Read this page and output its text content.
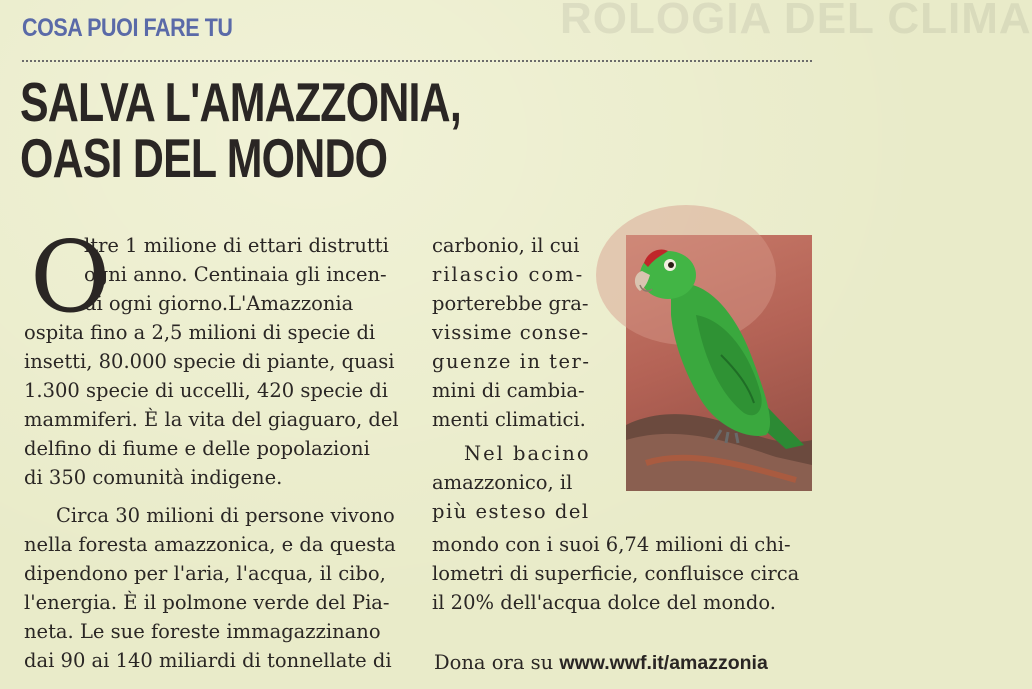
ROLOGIA DEL CLIMA
COSA PUOI FARE TU
SALVA L'AMAZZONIA,
OASI DEL MONDO
O
ltre 1 milione di ettari distrutti
ogni anno. Centinaia gli incen-
di ogni giorno.L'Amazzonia
ospita fino a 2,5 milioni di specie di
insetti, 80.000 specie di piante, quasi
1.300 specie di uccelli, 420 specie di
mammiferi. È la vita del giaguaro, del
delfino di fiume e delle popolazioni
di 350 comunità indigene.
Circa 30 milioni di persone vivono
nella foresta amazzonica, e da questa
dipendono per l'aria, l'acqua, il cibo,
l'energia. È il polmone verde del Pia-
neta. Le sue foreste immagazzinano
dai 90 ai 140 miliardi di tonnellate di
carbonio, il cui
rilascio com-
porterebbe gra-
vissime conse-
guenze in ter-
mini di cambia-
menti climatici.
Nel bacino
amazzonico, il
più esteso del
mondo con i suoi 6,74 milioni di chi-
lometri di superficie, confluisce circa
il 20% dell'acqua dolce del mondo.
Dona ora su www.wwf.it/amazzonia
